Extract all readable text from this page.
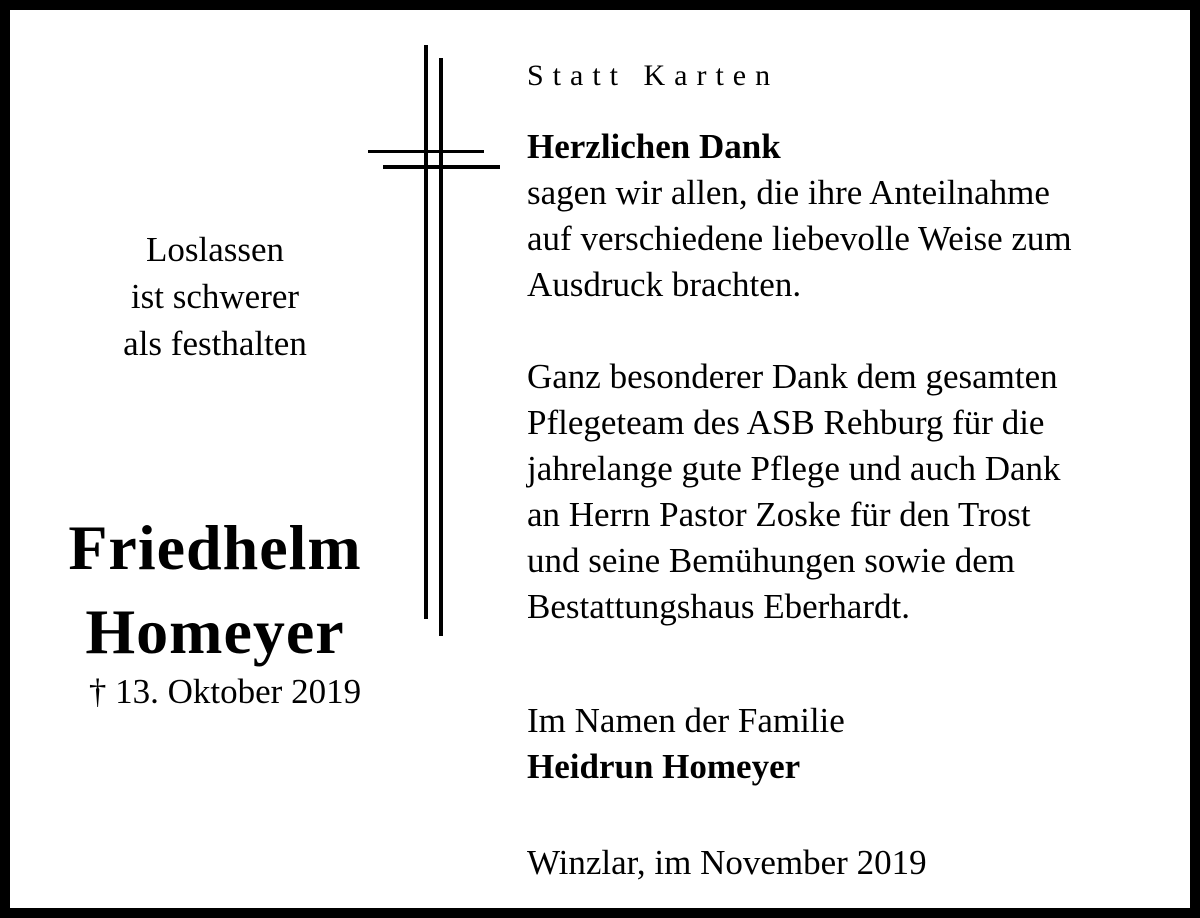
Loslassen
ist schwerer
als festhalten
Friedhelm
Homeyer
† 13. Oktober 2019
Statt Karten
Herzlichen Dank
sagen wir allen, die ihre Anteilnahme
auf verschiedene liebevolle Weise zum
Ausdruck brachten.
Ganz besonderer Dank dem gesamten
Pflegeteam des ASB Rehburg für die
jahrelange gute Pflege und auch Dank
an Herrn Pastor Zoske für den Trost
und seine Bemühungen sowie dem
Bestattungshaus Eberhardt.
Im Namen der Familie
Heidrun Homeyer
Winzlar, im November 2019
